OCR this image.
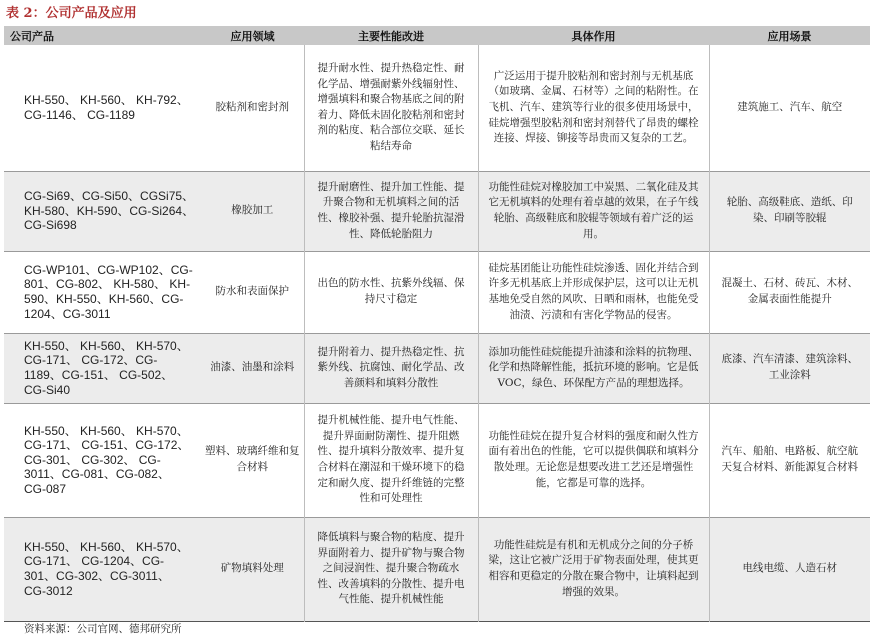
表 2：公司产品及应用
公司产品	应用领域	主要性能改进	具体作用	应用场景
KH-550、 KH-560、 KH-792、CG-1146、 CG-1189	胶粘剂和密封剂	提升耐水性、提升热稳定性、耐化学品、增强耐紫外线辐射性、增强填料和聚合物基底之间的附着力、降低未固化胶粘剂和密封剂的粘度、粘合部位交联、延长粘结寿命	广泛运用于提升胶粘剂和密封剂与无机基底（如玻璃、金属、石材等）之间的粘附性。在飞机、汽车、建筑等行业的很多使用场景中，硅烷增强型胶粘剂和密封剂替代了昂贵的螺栓连接、焊接、铆接等昂贵而又复杂的工艺。	建筑施工、汽车、航空
CG-Si69、CG-Si50、CGSi75、KH-580、KH-590、CG-Si264、CG-Si698	橡胶加工	提升耐磨性、提升加工性能、提升聚合物和无机填料之间的活性、橡胶补强、提升轮胎抗湿滑性、降低轮胎阻力	功能性硅烷对橡胶加工中炭黑、二氧化硅及其它无机填料的处理有着卓越的效果，在子午线轮胎、高级鞋底和胶辊等领域有着广泛的运用。	轮胎、高级鞋底、造纸、印染、印刷等胶辊
CG-WP101、CG-WP102、CG-801、CG-802、 KH-580、 KH-590、KH-550、KH-560、CG-1204、CG-3011	防水和表面保护	出色的防水性、抗紫外线辐、保持尺寸稳定	硅烷基团能让功能性硅烷渗透、固化并结合到许多无机基底上并形成保护层，这可以让无机基地免受自然的风吹、日晒和雨林，也能免受油渍、污渍和有害化学物品的侵害。	混凝土、石材、砖瓦、木材、金属表面性能提升
KH-550、 KH-560、 KH-570、CG-171、 CG-172、CG-1189、CG-151、 CG-502、 CG-Si40	油漆、油墨和涂料	提升附着力、提升热稳定性、抗紫外线、抗腐蚀、耐化学品、改善颜料和填料分散性	添加功能性硅烷能提升油漆和涂料的抗物理、化学和热降解性能，抵抗环境的影响。它是低 VOC，绿色、环保配方产品的理想选择。	底漆、汽车清漆、建筑涂料、工业涂料
KH-550、 KH-560、 KH-570、CG-171、 CG-151、CG-172、CG-301、 CG-302、 CG-3011、CG-081、CG-082、 CG-087	塑料、玻璃纤维和复合材料	提升机械性能、提升电气性能、提升界面耐防潮性、提升阻燃性、提升填料分散效率、提升复合材料在潮湿和干燥环境下的稳定和耐久度、提升纤维链的完整性和可处理性	功能性硅烷在提升复合材料的强度和耐久性方面有着出色的性能，它可以提供偶联和填料分散处理。无论您是想要改进工艺还是增强性能，它都是可靠的选择。	汽车、船舶、电路板、航空航天复合材料、新能源复合材料
KH-550、 KH-560、 KH-570、CG-171、 CG-1204、CG-301、CG-302、CG-3011、 CG-3012	矿物填料处理	降低填料与聚合物的粘度、提升界面附着力、提升矿物与聚合物之间浸润性、提升聚合物疏水性、改善填料的分散性、提升电气性能、提升机械性能	功能性硅烷是有机和无机成分之间的分子桥梁，这让它被广泛用于矿物表面处理，使其更相容和更稳定的分散在聚合物中，让填料起到增强的效果。	电线电缆、人造石材
资料来源：公司官网、德邦研究所
